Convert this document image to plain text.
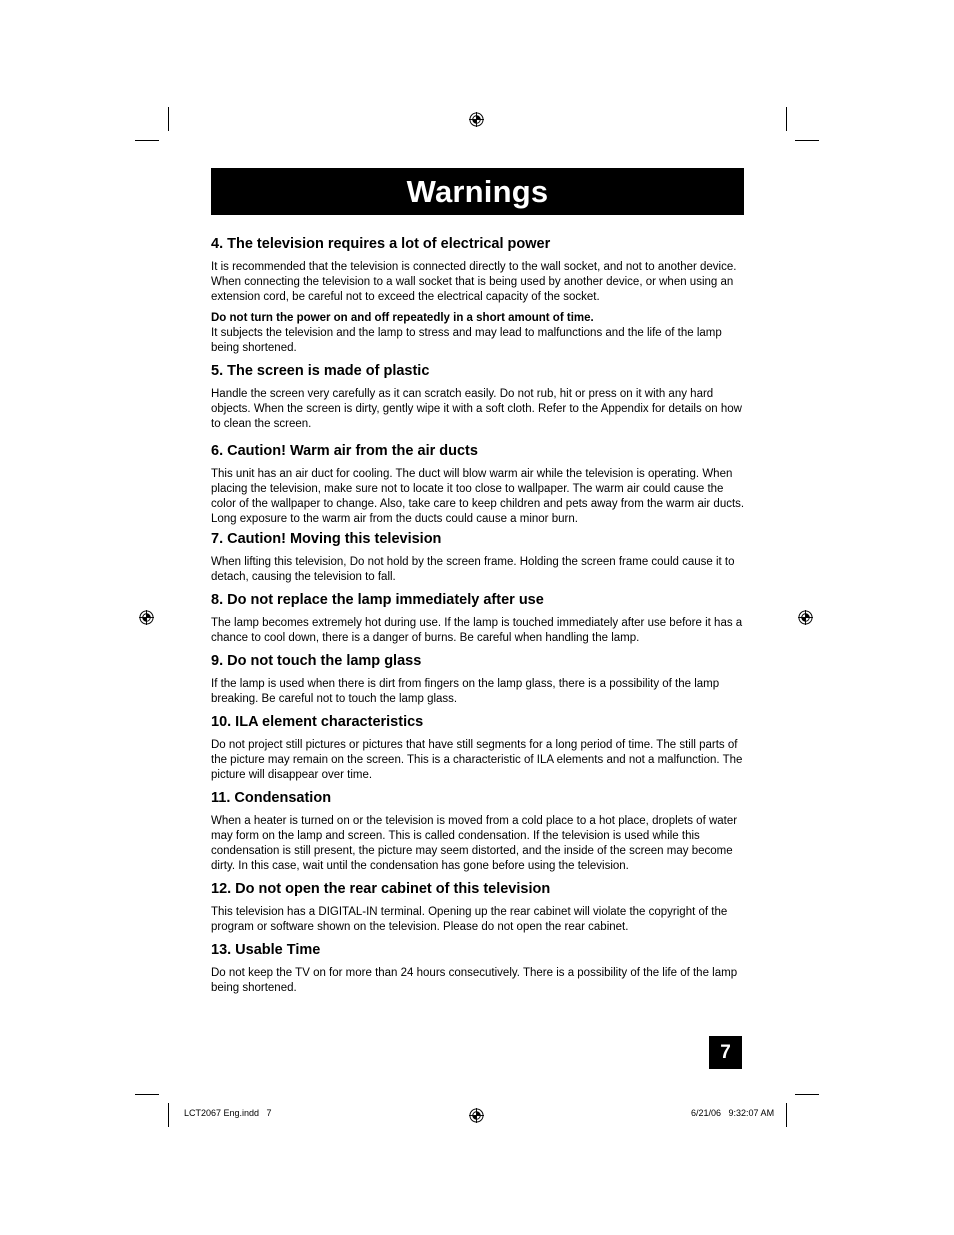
Warnings
4. The television requires a lot of electrical power

It is recommended that the television is connected directly to the wall socket, and not to another device. When connecting the television to a wall socket that is being used by another device, or when using an extension cord, be careful not to exceed the electrical capacity of the socket.

Do not turn the power on and off repeatedly in a short amount of time.

It subjects the television and the lamp to stress and may lead to malfunctions and the life of the lamp being shortened.

5. The screen is made of plastic

Handle the screen very carefully as it can scratch easily. Do not rub, hit or press on it with any hard objects. When the screen is dirty, gently wipe it with a soft cloth. Refer to the Appendix for details on how to clean the screen.

6. Caution! Warm air from the air ducts

This unit has an air duct for cooling. The duct will blow warm air while the television is operating. When placing the television, make sure not to locate it too close to wallpaper. The warm air could cause the color of the wallpaper to change. Also, take care to keep children and pets away from the warm air ducts. Long exposure to the warm air from the ducts could cause a minor burn.

7. Caution! Moving this television

When lifting this television, Do not hold by the screen frame. Holding the screen frame could cause it to detach, causing the television to fall.

8. Do not replace the lamp immediately after use

The lamp becomes extremely hot during use. If the lamp is touched immediately after use before it has a chance to cool down, there is a danger of burns. Be careful when handling the lamp.

9. Do not touch the lamp glass

If the lamp is used when there is dirt from fingers on the lamp glass, there is a possibility of the lamp breaking. Be careful not to touch the lamp glass.

10. ILA element characteristics

Do not project still pictures or pictures that have still segments for a long period of time. The still parts of the picture may remain on the screen. This is a characteristic of ILA elements and not a malfunction. The picture will disappear over time.

11. Condensation

When a heater is turned on or the television is moved from a cold place to a hot place, droplets of water may form on the lamp and screen. This is called condensation. If the television is used while this condensation is still present, the picture may seem distorted, and the inside of the screen may become dirty. In this case, wait until the condensation has gone before using the television.

12. Do not open the rear cabinet of this television

This television has a DIGITAL-IN terminal. Opening up the rear cabinet will violate the copyright of the program or software shown on the television. Please do not open the rear cabinet.

13. Usable Time

Do not keep the TV on for more than 24 hours consecutively. There is a possibility of the life of the lamp being shortened.

7
LCT2067 Eng.indd   7	6/21/06   9:32:07 AM
